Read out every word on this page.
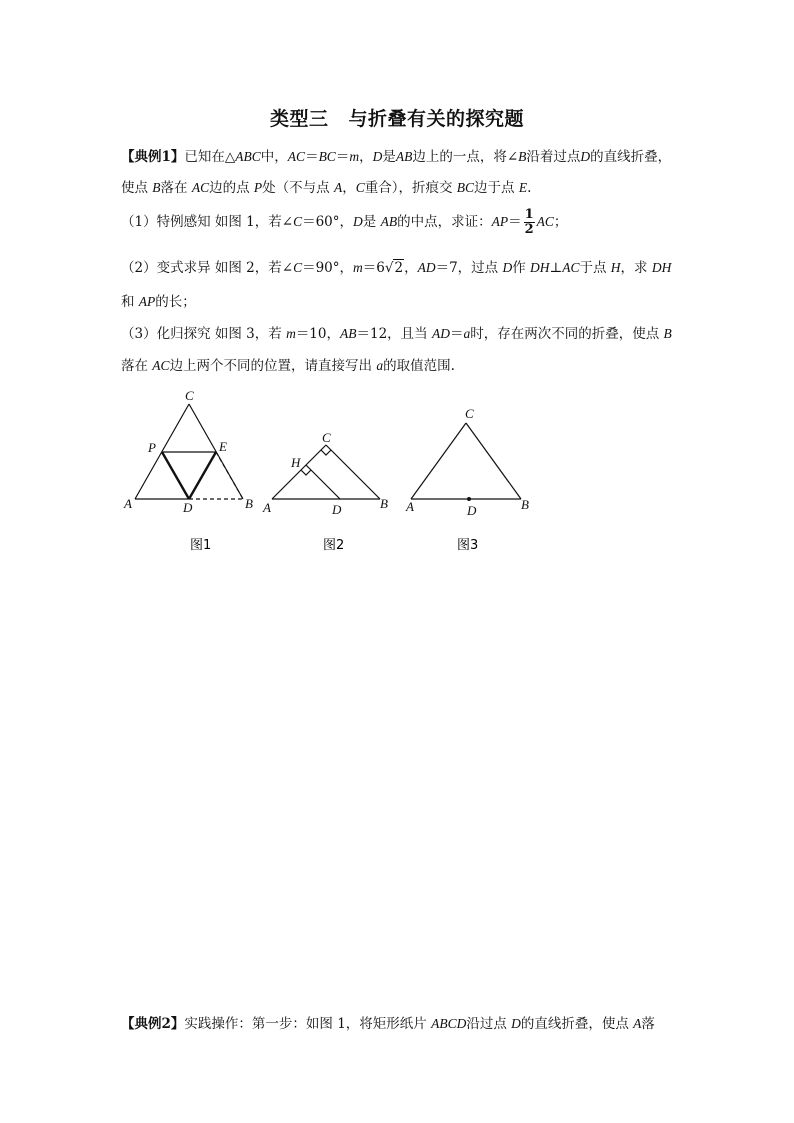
类型三 与折叠有关的探究题
【典例1】已知在△ABC中，AC＝BC＝m，D是AB边上的一点，将∠B沿着过点D的直线折叠，
使点 B落在 AC边的点 P处（不与点 A，C重合），折痕交 BC边于点 E.
（1）特例感知 如图 1，若∠C＝60°，D是 AB的中点，求证：$AP= \frac{1}{2}$ AC；
（2）变式求异 如图 2，若∠C＝90°，m＝6√2，AD＝7，过点 D作 DH⊥AC于点 H，求 DH
和 AP的长；
（3）化归探究 如图 3，若 m＝10，AB＝12，且当 AD＝a时，存在两次不同的折叠，使点 B
落在 AC边上两个不同的位置，请直接写出 a的取值范围.
C
P	E
A	D	B
图1
C
H
A	D	B
图2
C
A	D	B
图3
【典例2】实践操作：第一步：如图 1，将矩形纸片 ABCD沿过点 D的直线折叠，使点 A落
